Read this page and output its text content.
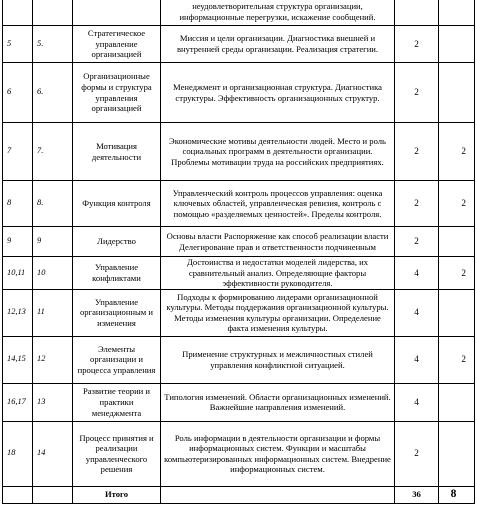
			неудовлетворительная структура организации, информационные перегрузки, искажение сообщений.		
5	5.	Стратегическое управление организацией	Миссия и цели организации. Диагностика внешней и внутренней среды организации. Реализация стратегии.	2	
6	6.	Организационные формы и структура управления организацией	Менеджмент и организационная структура. Диагностика структуры. Эффективность организационных структур.	2	
7	7.	Мотивация деятельности	Экономические мотивы деятельности людей. Место и роль социальных программ в деятельности организации. Проблемы мотивации труда на российских предприятиях.	2	2
8	8.	Функция контроля	Управленческий контроль процессов управления: оценка ключевых областей, управленческая ревизия, контроль с помощью «разделяемых ценностей». Пределы контроля.	2	2
9	9	Лидерство	Основы власти Распоряжение как способ реализации власти Делегирование прав и ответственности подчиненным	2	
10,11	10	Управление конфликтами	Достоинства и недостатки моделей лидерства, их сравнительный анализ. Определяющие факторы эффективности руководителя.	4	2
12,13	11	Управление организационным и изменения	Подходы к формированию лидерами организационной культуры. Методы поддержания организационной культуры. Методы изменения культуры организации. Определение факта изменения культуры.	4	
14,15	12	Элементы организации и процесса управления	Применение структурных и межличностных стилей управления конфликтной ситуацией.	4	2
16,17	13	Развитие теории и практики менеджмента	Типология изменений. Области организационных изменений. Важнейшие направления изменений.	4	
18	14	Процесс принятия и реализации управленческого решения	Роль информации в деятельности организации и формы информационных систем. Функции и масштабы компьютеризированных информационных систем. Внедрение информационных систем.	2	
		Итого		36	8
